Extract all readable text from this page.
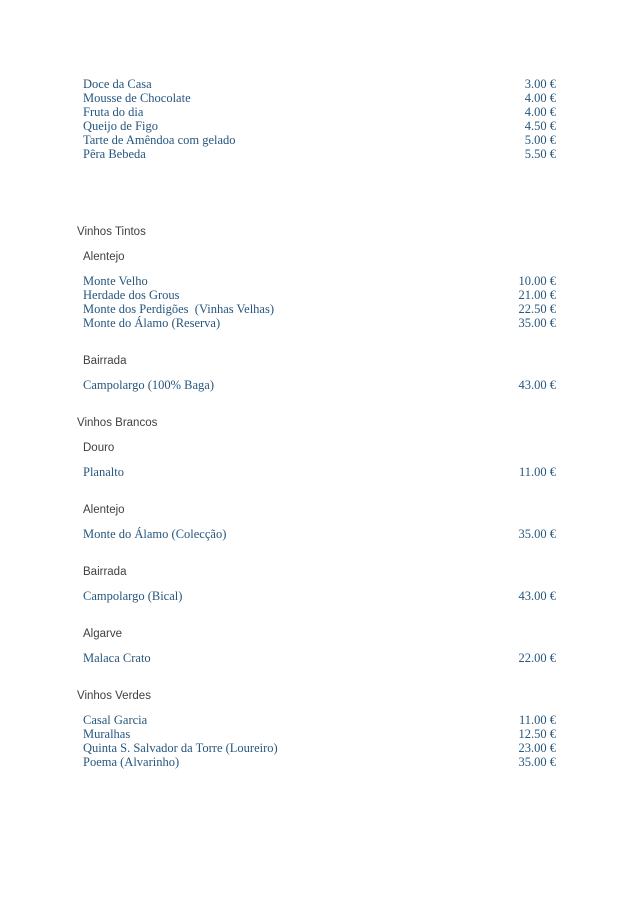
Doce da Casa	3.00 €
Mousse de Chocolate	4.00 €
Fruta do dia	4.00 €
Queijo de Figo	4.50 €
Tarte de Amêndoa com gelado	5.00 €
Pêra Bebeda	5.50 €
Vinhos Tintos
Alentejo
Monte Velho	10.00 €
Herdade dos Grous	21.00 €
Monte dos Perdigões  (Vinhas Velhas)	22.50 €
Monte do Álamo (Reserva)	35.00 €
Bairrada
Campolargo (100% Baga)	43.00 €
Vinhos Brancos
Douro
Planalto	11.00 €
Alentejo
Monte do Álamo (Colecção)	35.00 €
Bairrada
Campolargo (Bical)	43.00 €
Algarve
Malaca Crato	22.00 €
Vinhos Verdes
Casal Garcia	11.00 €
Muralhas	12.50 €
Quinta S. Salvador da Torre (Loureiro)	23.00 €
Poema (Alvarinho)	35.00 €
